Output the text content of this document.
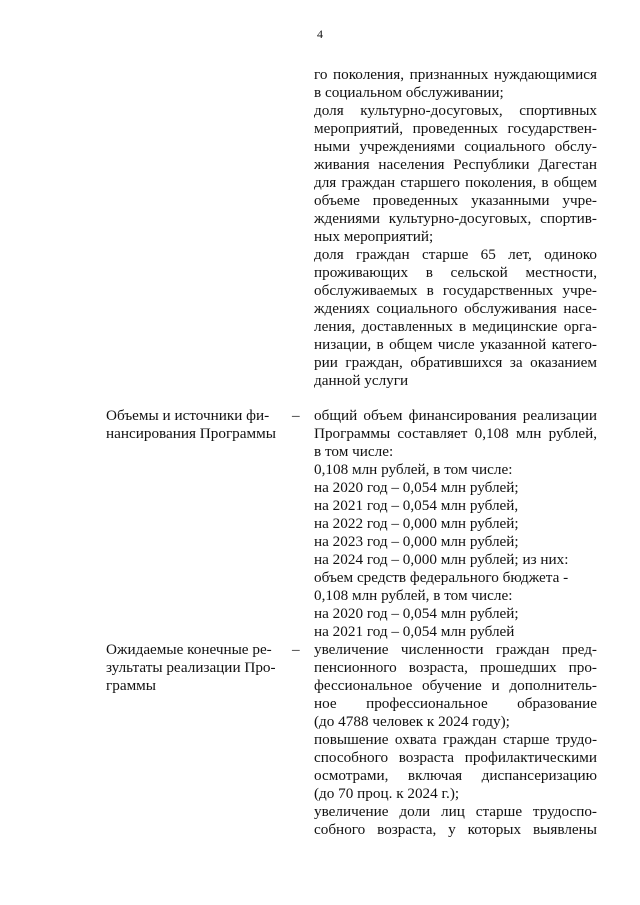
4
го поколения, признанных нуждающимися
в социальном обслуживании;
доля культурно-досуговых, спортивных
мероприятий, проведенных государствен-
ными учреждениями социального обслу-
живания населения Республики Дагестан
для граждан старшего поколения, в общем
объеме проведенных указанными учре-
ждениями культурно-досуговых, спортив-
ных мероприятий;
доля граждан старше 65 лет, одиноко
проживающих в сельской местности,
обслуживаемых в государственных учре-
ждениях социального обслуживания насе-
ления, доставленных в медицинские орга-
низации, в общем числе указанной катего-
рии граждан, обратившихся за оказанием
данной услуги
Объемы и источники фи-
нансирования Программы
– общий объем финансирования реализации
Программы составляет 0,108 млн рублей,
в том числе:
0,108 млн рублей, в том числе:
на 2020 год – 0,054 млн рублей;
на 2021 год – 0,054 млн рублей,
на 2022 год – 0,000 млн рублей;
на 2023 год – 0,000 млн рублей;
на 2024 год – 0,000 млн рублей; из них:
объем средств федерального бюджета -
0,108 млн рублей, в том числе:
на 2020 год – 0,054 млн рублей;
на 2021 год – 0,054 млн рублей
Ожидаемые конечные ре-
зультаты реализации Про-
граммы
– увеличение численности граждан пред-
пенсионного возраста, прошедших про-
фессиональное обучение и дополнитель-
ное профессиональное образование
(до 4788 человек к 2024 году);
повышение охвата граждан старше трудо-
способного возраста профилактическими
осмотрами, включая диспансеризацию
(до 70 проц. к 2024 г.);
увеличение доли лиц старше трудоспо-
собного возраста, у которых выявлены
